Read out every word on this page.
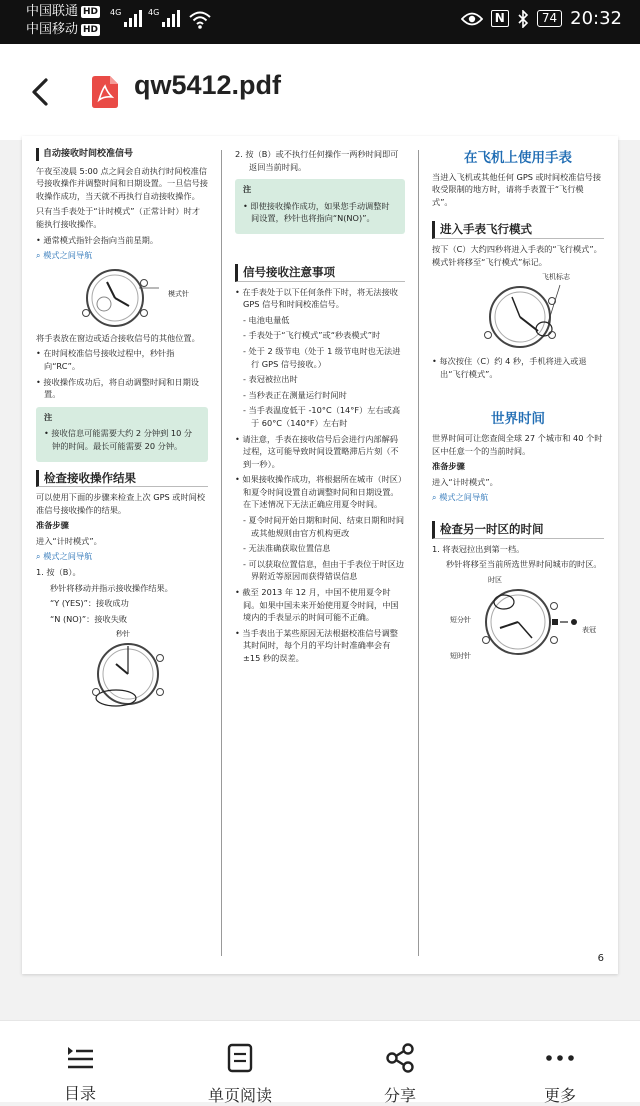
中国联通 HD
中国移动 HD
4G	4G	N	74 20:32
qw5412.pdf
自动接收时间校准信号

午夜至凌晨 5:00 点之间会自动执行时间校准信号接收操作并调整时间和日期设置。一旦信号接收操作成功，当天就不再执行自动接收操作。

只有当手表处于“计时模式”（正常计时）时才能执行接收操作。

• 通常模式指针会指向当前星期。

⌕ 模式之间导航

模式针

将手表放在窗边或适合接收信号的其他位置。

• 在时间校准信号接收过程中，秒针指向“RC”。

• 接收操作成功后，将自动调整时间和日期设置。

注

• 接收信息可能需要大约 2 分钟到 10 分钟的时间。最长可能需要 20 分钟。

检查接收操作结果

可以使用下面的步骤来检查上次 GPS 或时间校准信号接收操作的结果。

准备步骤

进入“计时模式”。

⌕ 模式之间导航

1. 按（B）。

秒针将移动并指示接收操作结果。

“Y (YES)”：接收成功

“N (NO)”：接收失败

秒针

2. 按（B）或不执行任何操作一两秒时间即可返回当前时间。

注

• 即使接收操作成功，如果您手动调整时间设置，秒针也将指向“N(NO)”。

信号接收注意事项

• 在手表处于以下任何条件下时，将无法接收 GPS 信号和时间校准信号。

- 电池电量低

- 手表处于“飞行模式”或“秒表模式”时

- 处于 2 级节电（处于 1 级节电时也无法进行 GPS 信号接收。）

- 表冠被拉出时

- 当秒表正在测量运行时间时

- 当手表温度低于 -10°C（14°F）左右或高于 60°C（140°F）左右时

• 请注意，手表在接收信号后会进行内部解码过程，这可能导致时间设置略滞后片刻（不到一秒）。

• 如果接收操作成功，将根据所在城市（时区）和夏令时间设置自动调整时间和日期设置。在下述情况下无法正确应用夏令时间。

- 夏令时间开始日期和时间、结束日期和时间或其他规则由官方机构更改

- 无法准确获取位置信息

- 可以获取位置信息，但由于手表位于时区边界附近等原因而获得错误信息

• 截至 2013 年 12 月，中国不使用夏令时间。如果中国未来开始使用夏令时间，中国境内的手表显示的时间可能不正确。

• 当手表出于某些原因无法根据校准信号调整其时间时，每个月的平均计时准确率会有 ±15 秒的误差。

在飞机上使用手表

当进入飞机或其他任何 GPS 或时间校准信号接收受限制的地方时，请将手表置于“飞行模式”。

进入手表飞行模式

按下（C）大约四秒将进入手表的“飞行模式”。模式针将移至“飞行模式”标记。

飞机标志

• 每次按住（C）约 4 秒，手机将进入或退出“飞行模式”。

世界时间

世界时间可让您查阅全球 27 个城市和 40 个时区中任意一个的当前时间。

准备步骤

进入“计时模式”。

⌕ 模式之间导航

检查另一时区的时间

1. 将表冠拉出到第一档。

秒针将移至当前所选世界时间城市的时区。

时区
短分针
短时针
表冠
6
目录	单页阅读	分享	更多
